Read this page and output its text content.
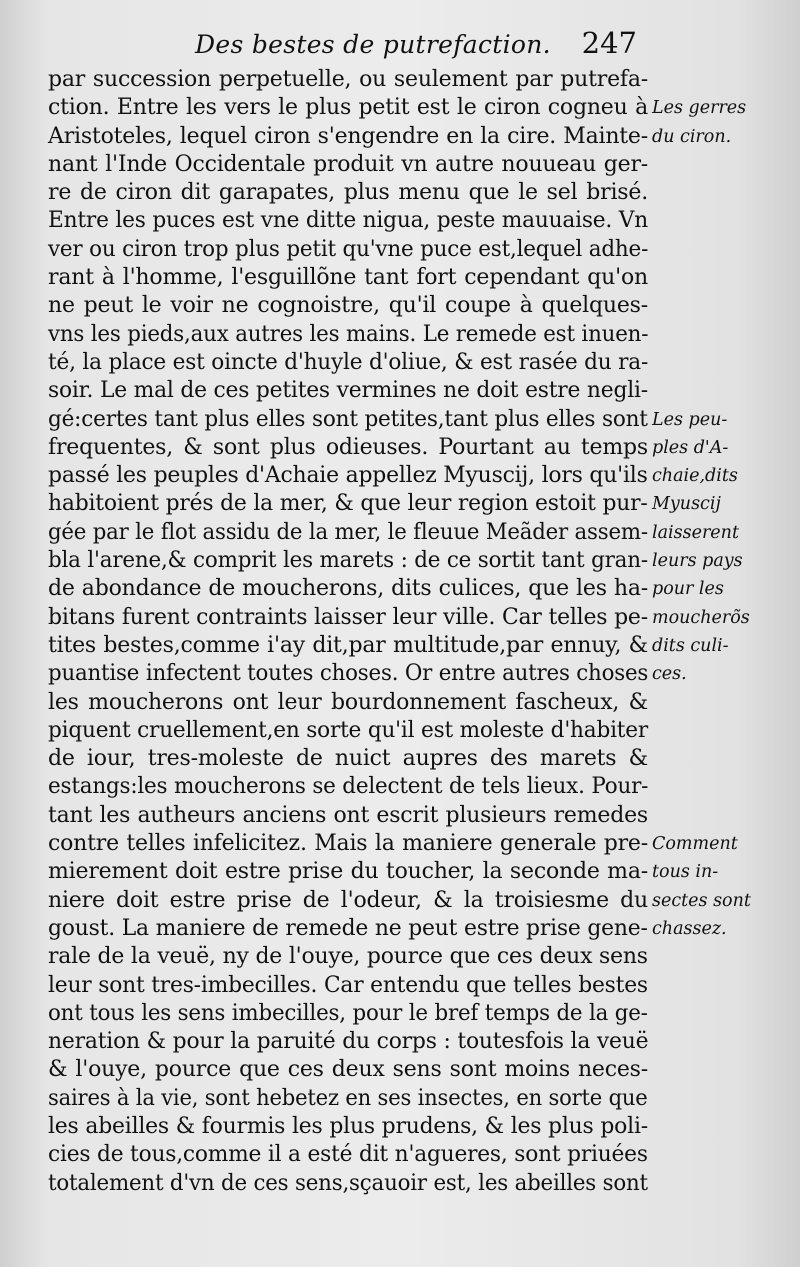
Des bestes de putrefaction. 247
par succession perpetuelle, ou seulement par putrefa-
ction. Entre les vers le plus petit est le ciron cogneu à
Aristoteles, lequel ciron s'engendre en la cire. Mainte-
nant l'Inde Occidentale produit vn autre nouueau ger-
re de ciron dit garapates, plus menu que le sel brisé.
Entre les puces est vne ditte nigua, peste mauuaise. Vn
ver ou ciron trop plus petit qu'vne puce est,lequel adhe-
rant à l'homme, l'esguillõne tant fort cependant qu'on
ne peut le voir ne cognoistre, qu'il coupe à quelques-
vns les pieds,aux autres les mains. Le remede est inuen-
té, la place est oincte d'huyle d'oliue, & est rasée du ra-
soir. Le mal de ces petites vermines ne doit estre negli-
gé:certes tant plus elles sont petites,tant plus elles sont
frequentes, & sont plus odieuses. Pourtant au temps
passé les peuples d'Achaie appellez Myuscij, lors qu'ils
habitoient prés de la mer, & que leur region estoit pur-
gée par le flot assidu de la mer, le fleuue Meãder assem-
bla l'arene,& comprit les marets : de ce sortit tant gran-
de abondance de moucherons, dits culices, que les ha-
bitans furent contraints laisser leur ville. Car telles pe-
tites bestes,comme i'ay dit,par multitude,par ennuy, &
puantise infectent toutes choses. Or entre autres choses
les moucherons ont leur bourdonnement fascheux, &
piquent cruellement,en sorte qu'il est moleste d'habiter
de iour, tres-moleste de nuict aupres des marets &
estangs:les moucherons se delectent de tels lieux. Pour-
tant les autheurs anciens ont escrit plusieurs remedes
contre telles infelicitez. Mais la maniere generale pre-
mierement doit estre prise du toucher, la seconde ma-
niere doit estre prise de l'odeur, & la troisiesme du
goust. La maniere de remede ne peut estre prise gene-
rale de la veuë, ny de l'ouye, pource que ces deux sens
leur sont tres-imbecilles. Car entendu que telles bestes
ont tous les sens imbecilles, pour le bref temps de la ge-
neration & pour la paruité du corps : toutesfois la veuë
& l'ouye, pource que ces deux sens sont moins neces-
saires à la vie, sont hebetez en ses insectes, en sorte que
les abeilles & fourmis les plus prudens, & les plus poli-
cies de tous,comme il a esté dit n'agueres, sont priuées
totalement d'vn de ces sens,sçauoir est, les abeilles sont
Les gerres
du ciron.
Les peu-
ples d'A-
chaie,dits
Myuscij
laisserent
leurs pays
pour les
moucherõs
dits culi-
ces.
Comment
tous in-
sectes sont
chassez.
